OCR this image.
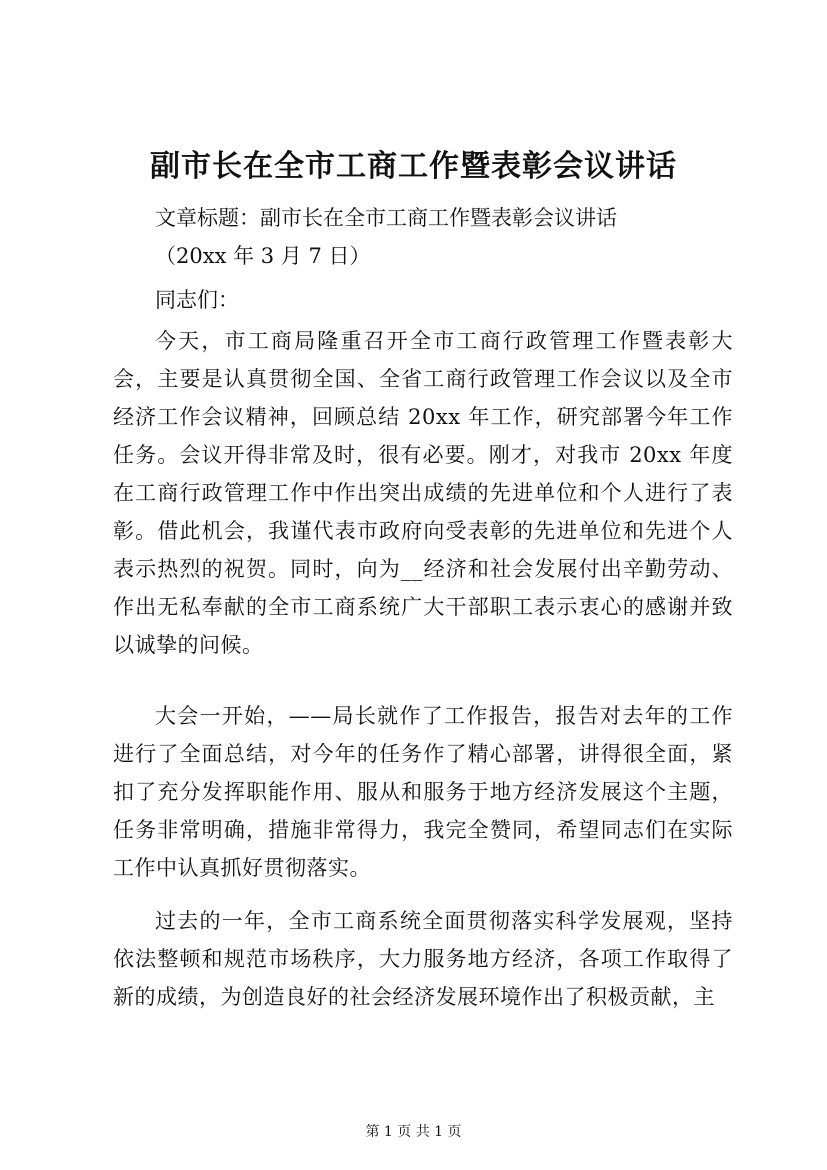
副市长在全市工商工作暨表彰会议讲话
文章标题：副市长在全市工商工作暨表彰会议讲话
（20xx 年 3 月 7 日）
同志们：
今天，市工商局隆重召开全市工商行政管理工作暨表彰大会，主要是认真贯彻全国、全省工商行政管理工作会议以及全市经济工作会议精神，回顾总结 20xx 年工作，研究部署今年工作任务。会议开得非常及时，很有必要。刚才，对我市 20xx 年度在工商行政管理工作中作出突出成绩的先进单位和个人进行了表彰。借此机会，我谨代表市政府向受表彰的先进单位和先进个人表示热烈的祝贺。同时，向为__经济和社会发展付出辛勤劳动、作出无私奉献的全市工商系统广大干部职工表示衷心的感谢并致以诚挚的问候。
大会一开始，——局长就作了工作报告，报告对去年的工作进行了全面总结，对今年的任务作了精心部署，讲得很全面，紧扣了充分发挥职能作用、服从和服务于地方经济发展这个主题，任务非常明确，措施非常得力，我完全赞同，希望同志们在实际工作中认真抓好贯彻落实。
过去的一年，全市工商系统全面贯彻落实科学发展观，坚持依法整顿和规范市场秩序，大力服务地方经济，各项工作取得了新的成绩，为创造良好的社会经济发展环境作出了积极贡献，主
第 1 页 共 1 页
